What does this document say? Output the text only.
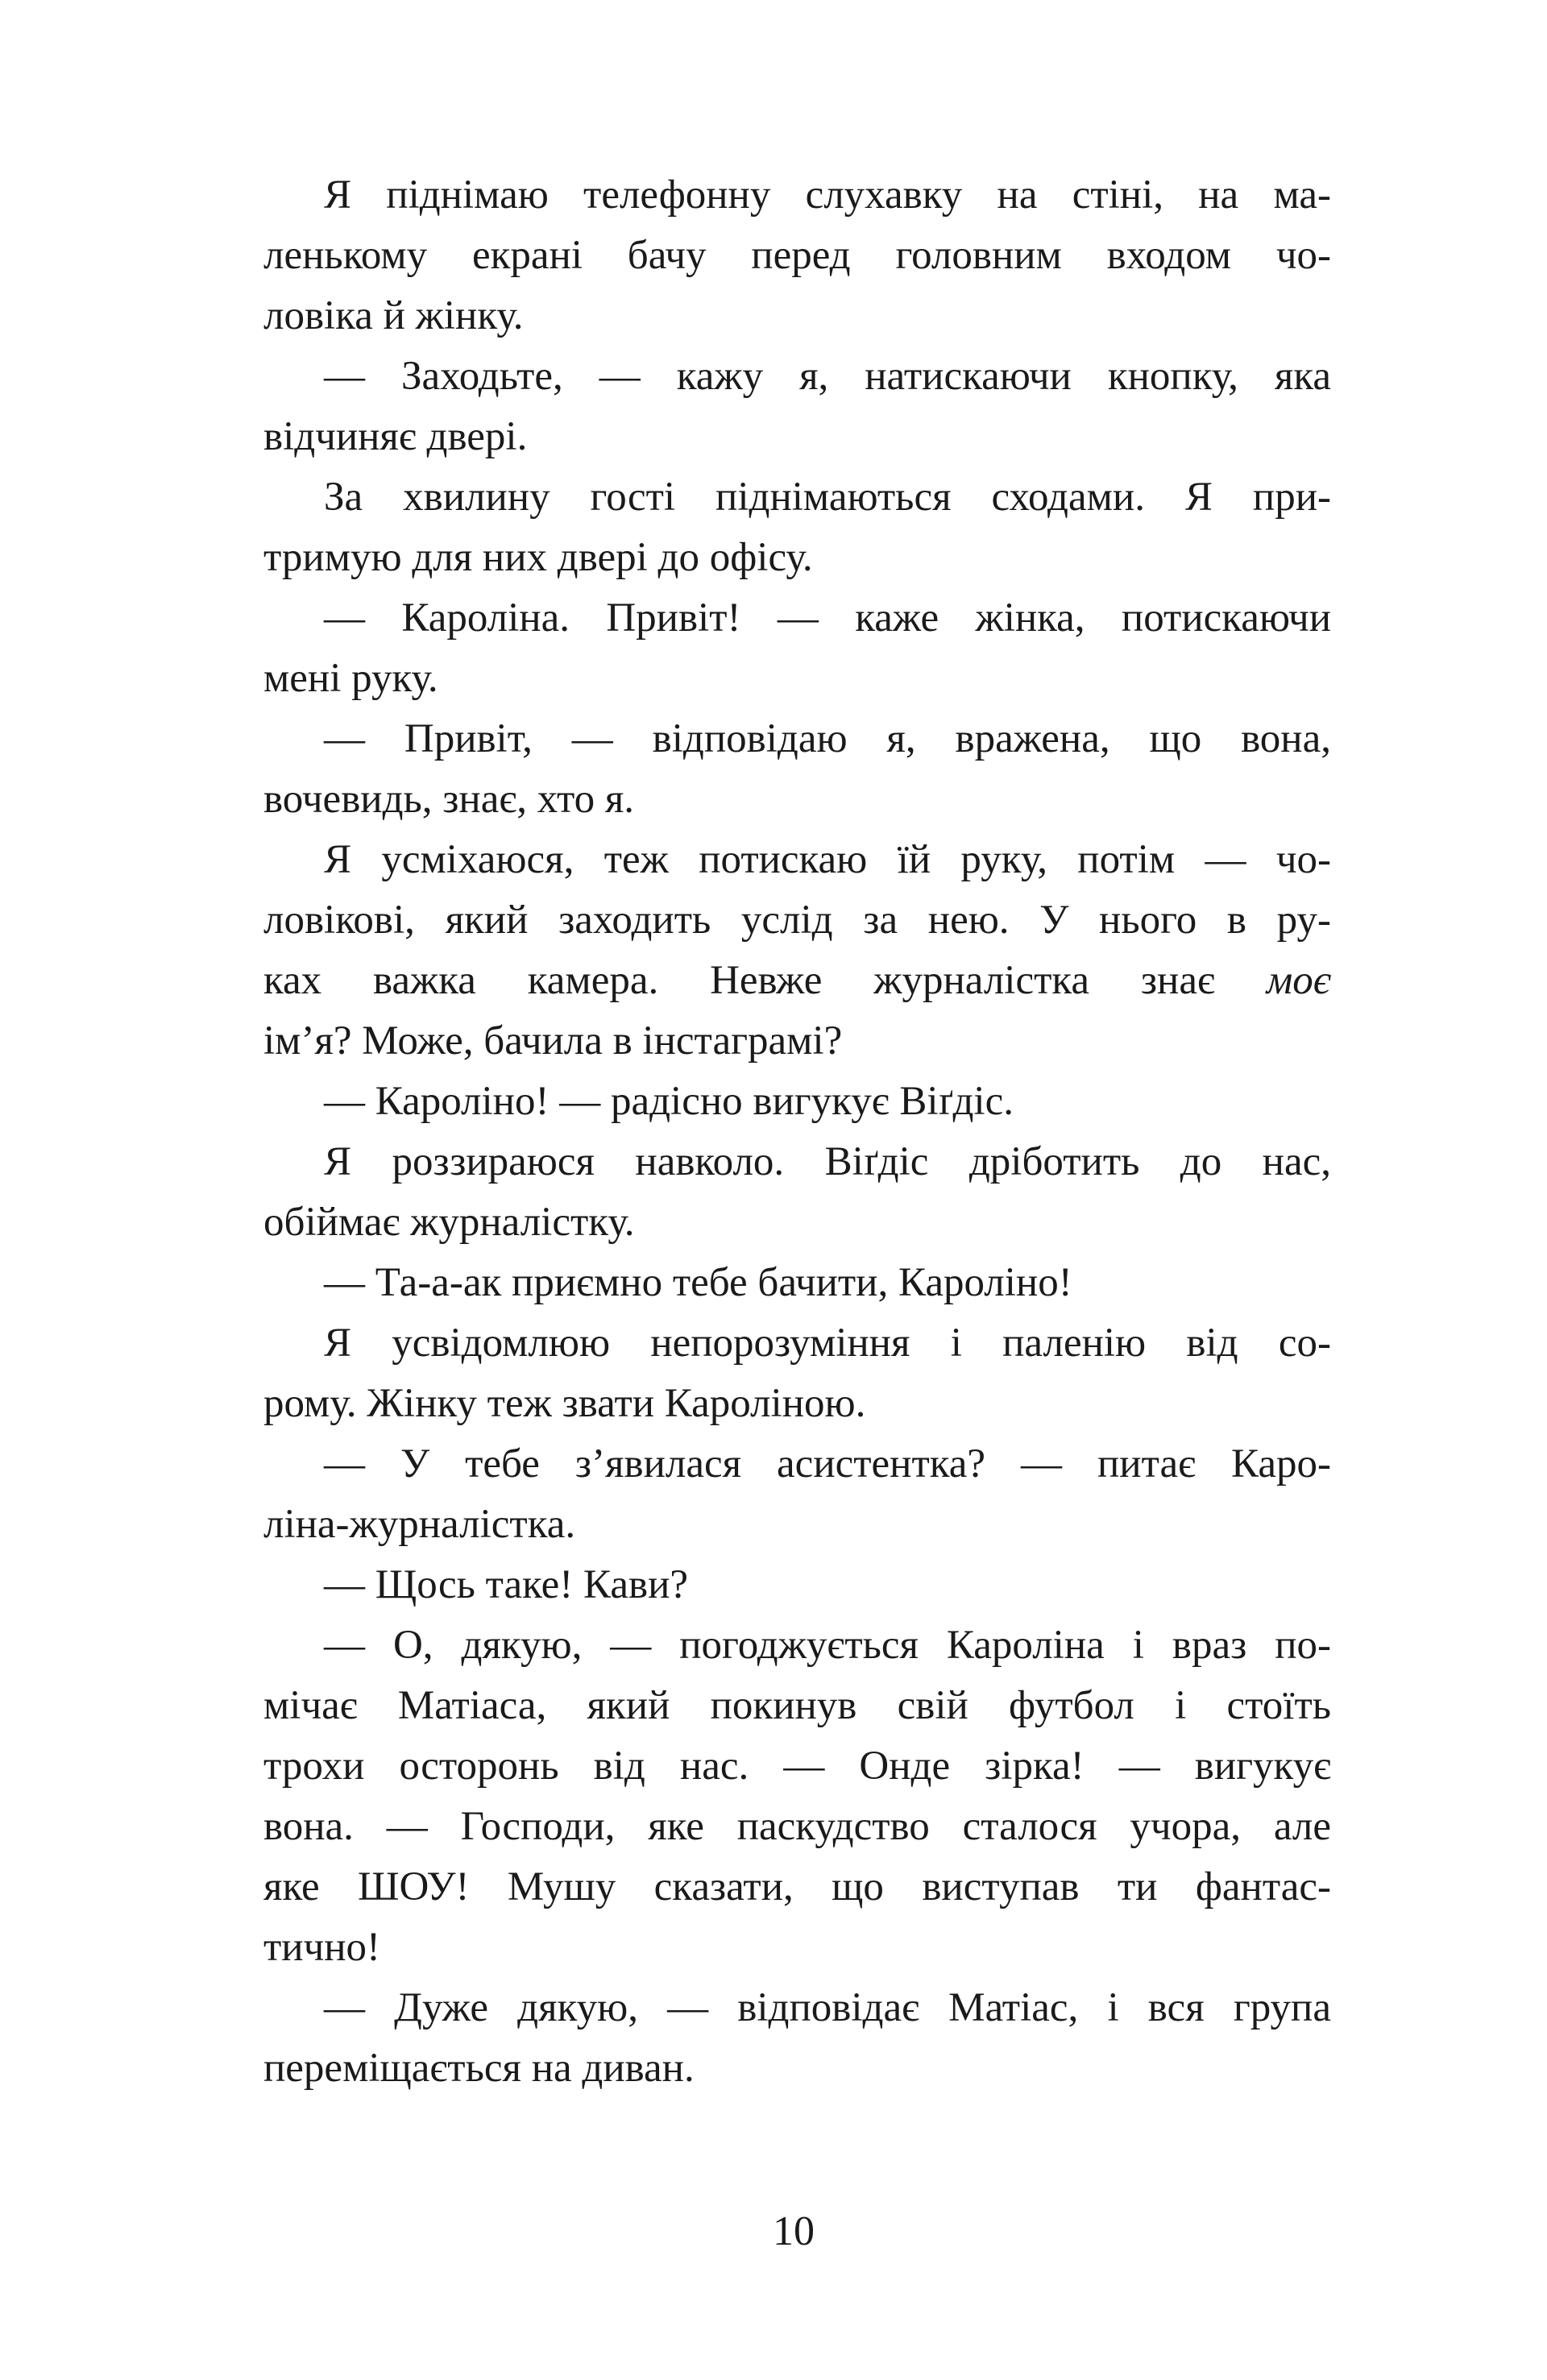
Я піднімаю телефонну слухавку на стіні, на ма-
ленькому екрані бачу перед головним входом чо-
ловіка й жінку.
— Заходьте, — кажу я, натискаючи кнопку, яка
відчиняє двері.
За хвилину гості піднімаються сходами. Я при-
тримую для них двері до офісу.
— Кароліна. Привіт! — каже жінка, потискаючи
мені руку.
— Привіт, — відповідаю я, вражена, що вона,
вочевидь, знає, хто я.
Я усміхаюся, теж потискаю їй руку, потім — чо-
ловікові, який заходить услід за нею. У нього в ру-
ках важка камера. Невже журналістка знає моє
ім’я? Може, бачила в інстаграмі?
— Кароліно! — радісно вигукує Віґдіс.
Я роззираюся навколо. Віґдіс дріботить до нас,
обіймає журналістку.
— Та-а-ак приємно тебе бачити, Кароліно!
Я усвідомлюю непорозуміння і паленію від со-
рому. Жінку теж звати Кароліною.
— У тебе з’явилася асистентка? — питає Каро-
ліна-журналістка.
— Щось таке! Кави?
— О, дякую, — погоджується Кароліна і враз по-
мічає Матіаса, який покинув свій футбол і стоїть
трохи осторонь від нас. — Онде зірка! — вигукує
вона. — Господи, яке паскудство сталося учора, але
яке ШОУ! Мушу сказати, що виступав ти фантас-
тично!
— Дуже дякую, — відповідає Матіас, і вся група
переміщається на диван.
10
